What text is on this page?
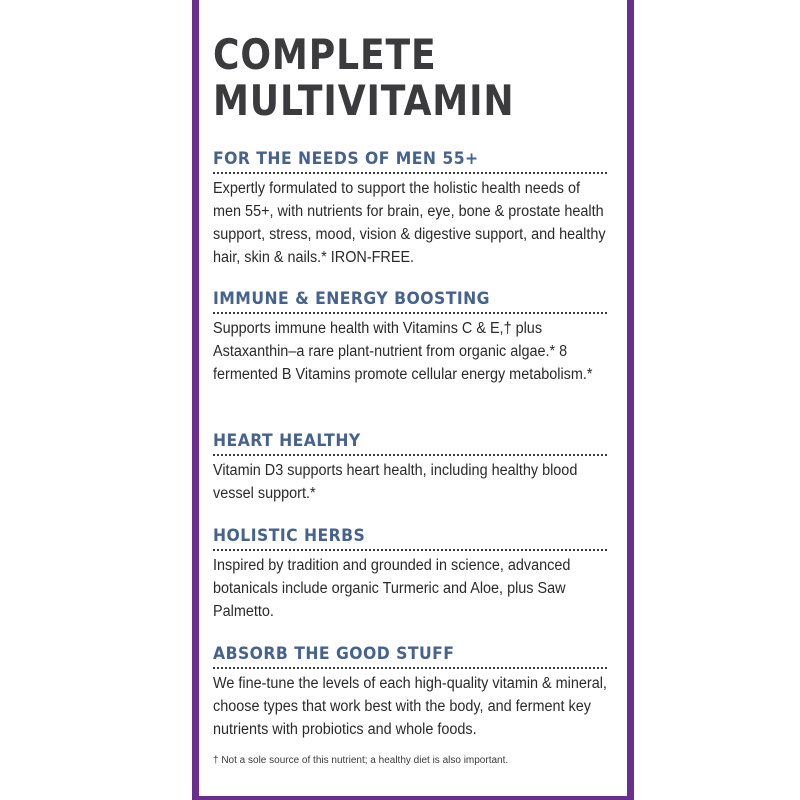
COMPLETE
MULTIVITAMIN
FOR THE NEEDS OF MEN 55+
Expertly formulated to support the holistic health needs of men 55+, with nutrients for brain, eye, bone & prostate health support, stress, mood, vision & digestive support, and healthy hair, skin & nails.* IRON-FREE.
IMMUNE & ENERGY BOOSTING
Supports immune health with Vitamins C & E,† plus Astaxanthin–a rare plant-nutrient from organic algae.* 8 fermented B Vitamins promote cellular energy metabolism.*
HEART HEALTHY
Vitamin D3 supports heart health, including healthy blood vessel support.*
HOLISTIC HERBS
Inspired by tradition and grounded in science, advanced botanicals include organic Turmeric and Aloe, plus Saw Palmetto.
ABSORB THE GOOD STUFF
We fine-tune the levels of each high-quality vitamin & mineral, choose types that work best with the body, and ferment key nutrients with probiotics and whole foods.
† Not a sole source of this nutrient; a healthy diet is also important.
